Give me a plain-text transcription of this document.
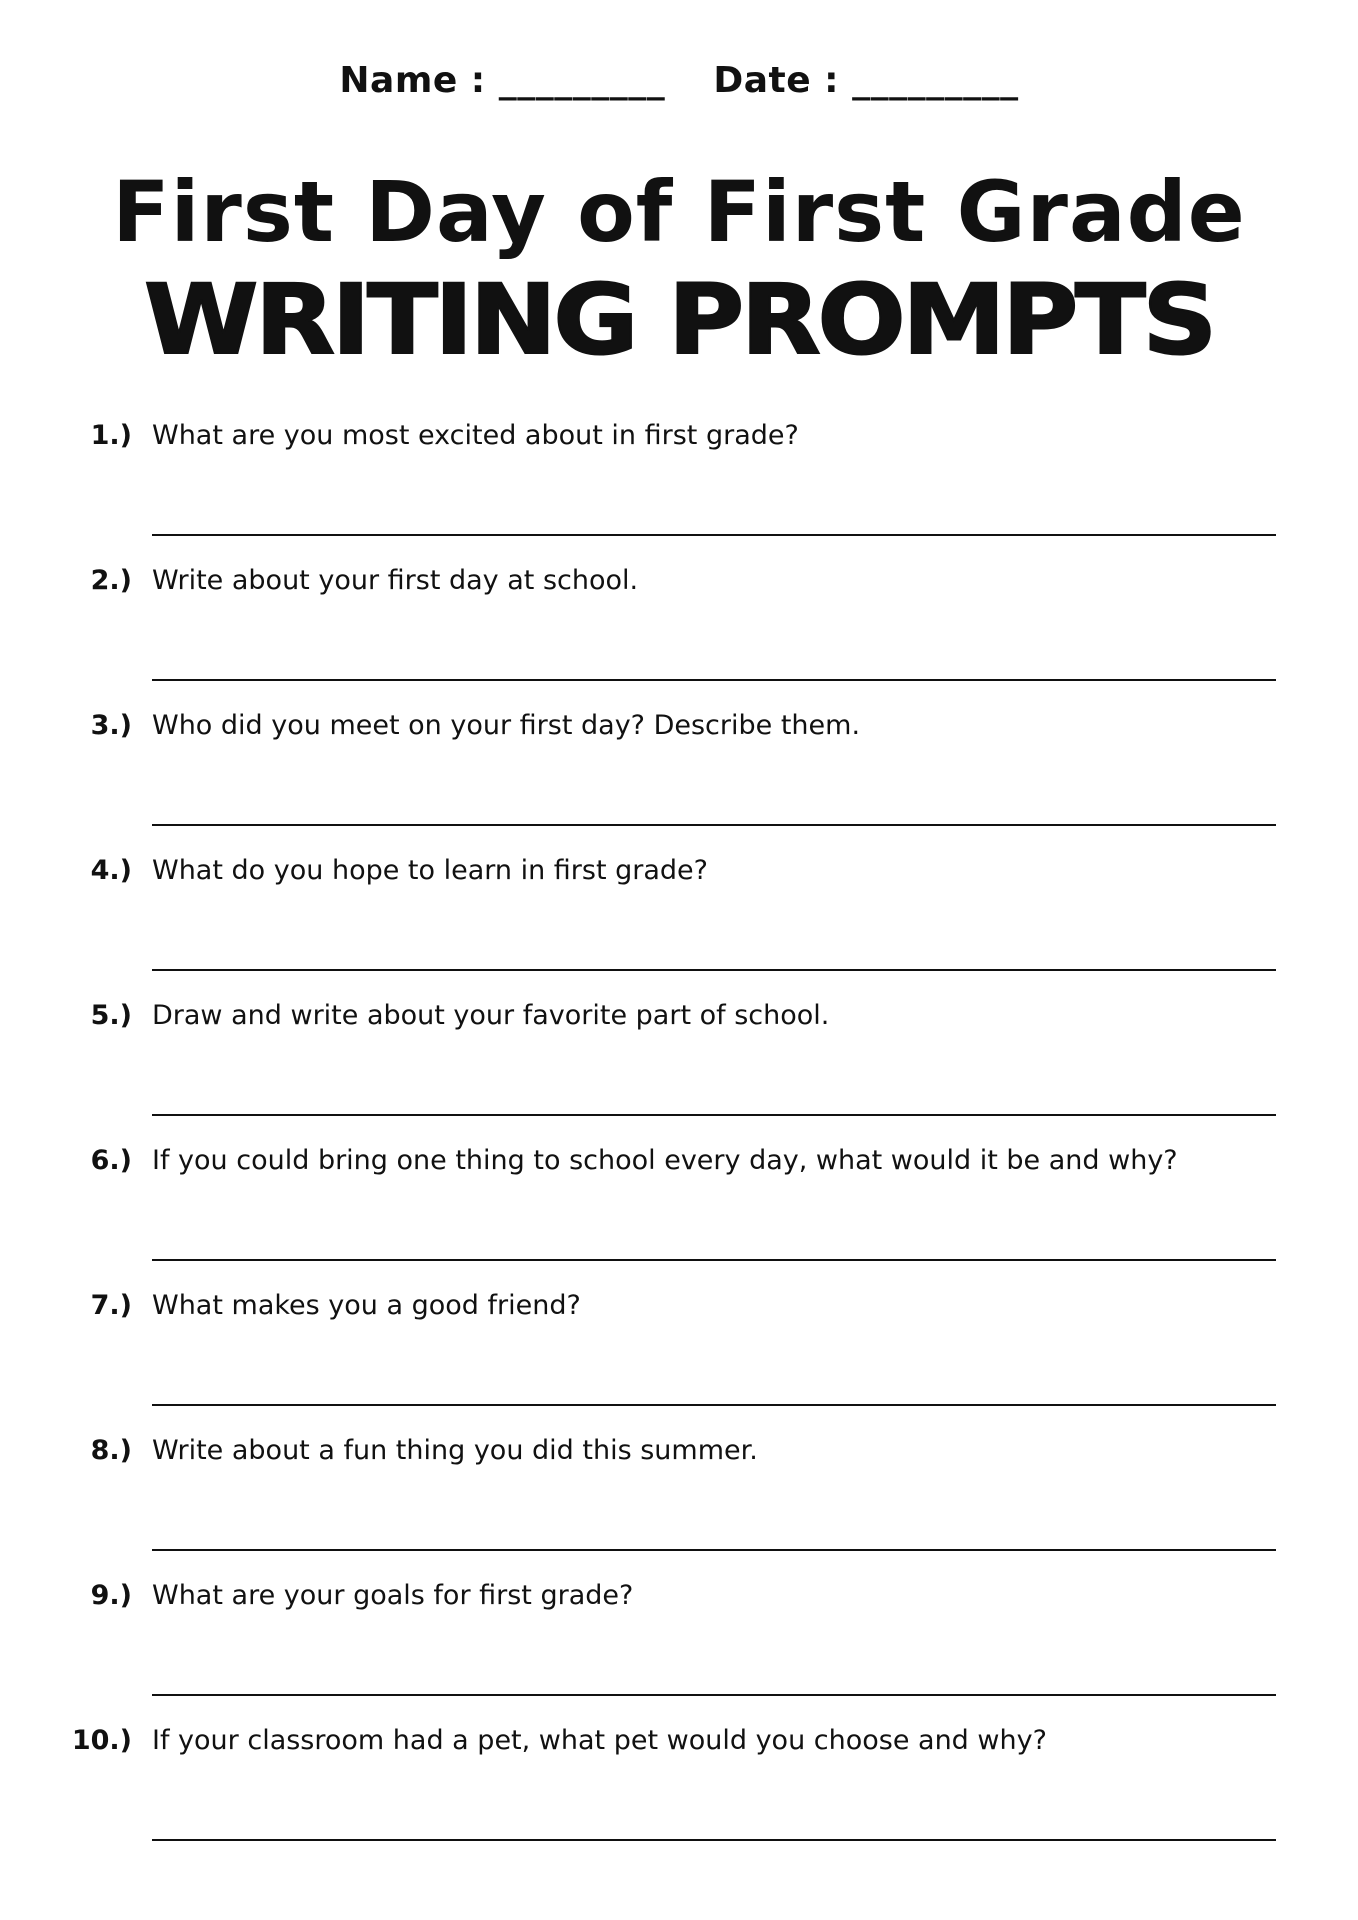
Name : _________ Date : _________
First Day of First Grade
WRITING PROMPTS
1.) What are you most excited about in first grade?
2.) Write about your first day at school.
3.) Who did you meet on your first day? Describe them.
4.) What do you hope to learn in first grade?
5.) Draw and write about your favorite part of school.
6.) If you could bring one thing to school every day, what would it be and why?
7.) What makes you a good friend?
8.) Write about a fun thing you did this summer.
9.) What are your goals for first grade?
10.) If your classroom had a pet, what pet would you choose and why?
